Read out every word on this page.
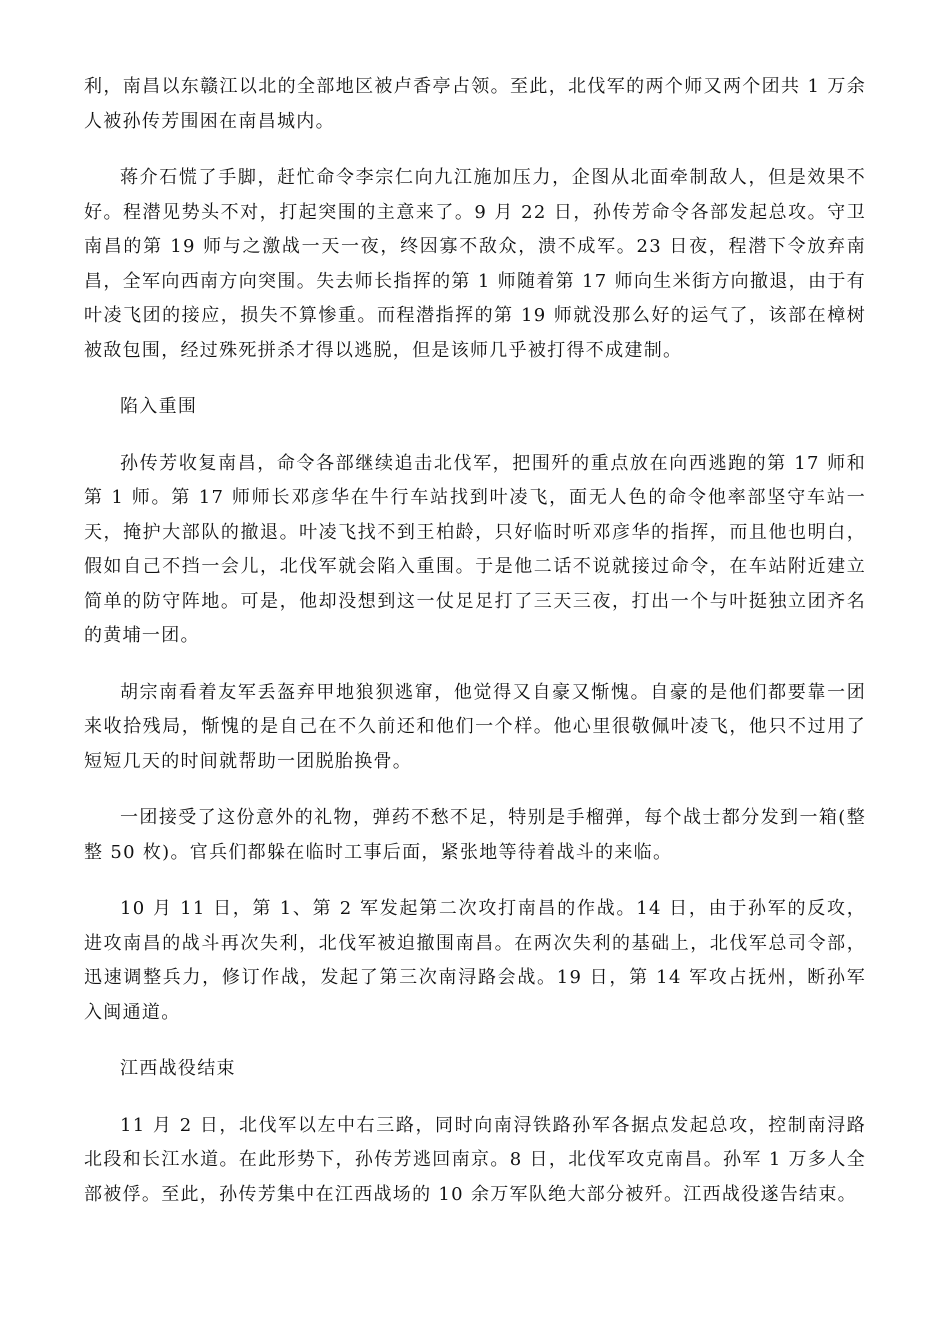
利，南昌以东赣江以北的全部地区被卢香亭占领。至此，北伐军的两个师又两个团共 1 万余人被孙传芳围困在南昌城内。

蒋介石慌了手脚，赶忙命令李宗仁向九江施加压力，企图从北面牵制敌人，但是效果不好。程潜见势头不对，打起突围的主意来了。9 月 22 日，孙传芳命令各部发起总攻。守卫南昌的第 19 师与之激战一天一夜，终因寡不敌众，溃不成军。23 日夜，程潜下令放弃南昌，全军向西南方向突围。失去师长指挥的第 1 师随着第 17 师向生米街方向撤退，由于有叶凌飞团的接应，损失不算惨重。而程潜指挥的第 19 师就没那么好的运气了，该部在樟树被敌包围，经过殊死拼杀才得以逃脱，但是该师几乎被打得不成建制。

陷入重围

孙传芳收复南昌，命令各部继续追击北伐军，把围歼的重点放在向西逃跑的第 17 师和第 1 师。第 17 师师长邓彦华在牛行车站找到叶凌飞，面无人色的命令他率部坚守车站一天，掩护大部队的撤退。叶凌飞找不到王柏龄，只好临时听邓彦华的指挥，而且他也明白，假如自己不挡一会儿，北伐军就会陷入重围。于是他二话不说就接过命令，在车站附近建立简单的防守阵地。可是，他却没想到这一仗足足打了三天三夜，打出一个与叶挺独立团齐名的黄埔一团。

胡宗南看着友军丢盔弃甲地狼狈逃窜，他觉得又自豪又惭愧。自豪的是他们都要靠一团来收拾残局，惭愧的是自己在不久前还和他们一个样。他心里很敬佩叶凌飞，他只不过用了短短几天的时间就帮助一团脱胎换骨。

一团接受了这份意外的礼物，弹药不愁不足，特别是手榴弹，每个战士都分发到一箱(整整 50 枚)。官兵们都躲在临时工事后面，紧张地等待着战斗的来临。

10 月 11 日，第 1、第 2 军发起第二次攻打南昌的作战。14 日，由于孙军的反攻，进攻南昌的战斗再次失利，北伐军被迫撤围南昌。在两次失利的基础上，北伐军总司令部，迅速调整兵力，修订作战，发起了第三次南浔路会战。19 日，第 14 军攻占抚州，断孙军入闽通道。

江西战役结束

11 月 2 日，北伐军以左中右三路，同时向南浔铁路孙军各据点发起总攻，控制南浔路北段和长江水道。在此形势下，孙传芳逃回南京。8 日，北伐军攻克南昌。孙军 1 万多人全部被俘。至此，孙传芳集中在江西战场的 10 余万军队绝大部分被歼。江西战役遂告结束。
